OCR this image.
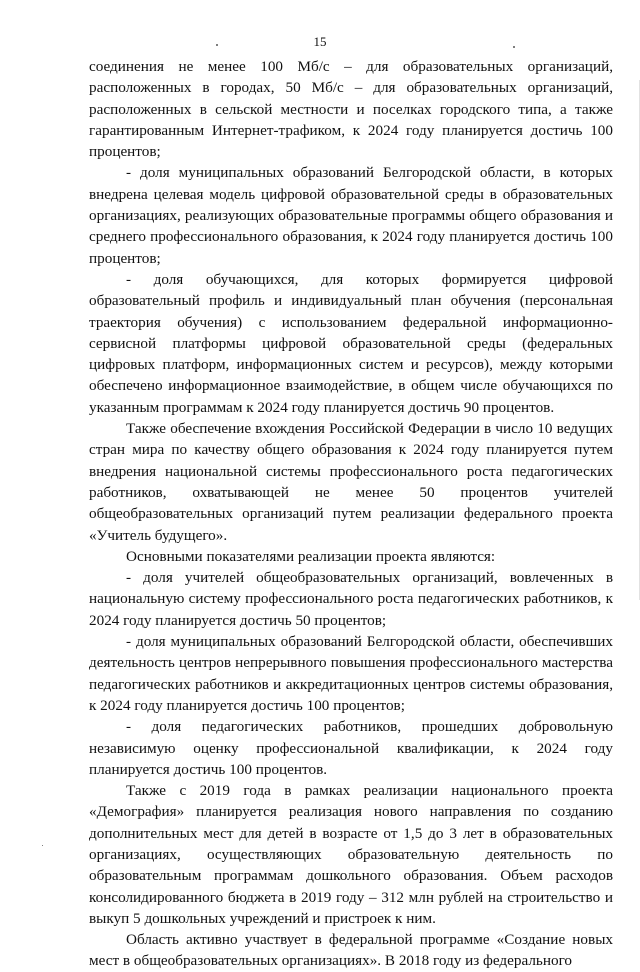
15

соединения не менее 100 Мб/с – для образовательных организаций, расположенных в городах, 50 Мб/с – для образовательных организаций, расположенных в сельской местности и поселках городского типа, а также гарантированным Интернет-трафиком, к 2024 году планируется достичь 100 процентов;

- доля муниципальных образований Белгородской области, в которых внедрена целевая модель цифровой образовательной среды в образовательных организациях, реализующих образовательные программы общего образования и среднего профессионального образования, к 2024 году планируется достичь 100 процентов;

- доля обучающихся, для которых формируется цифровой образовательный профиль и индивидуальный план обучения (персональная траектория обучения) с использованием федеральной информационно-сервисной платформы цифровой образовательной среды (федеральных цифровых платформ, информационных систем и ресурсов), между которыми обеспечено информационное взаимодействие, в общем числе обучающихся по указанным программам к 2024 году планируется достичь 90 процентов.

Также обеспечение вхождения Российской Федерации в число 10 ведущих стран мира по качеству общего образования к 2024 году планируется путем внедрения национальной системы профессионального роста педагогических работников, охватывающей не менее 50 процентов учителей общеобразовательных организаций путем реализации федерального проекта «Учитель будущего».

Основными показателями реализации проекта являются:

- доля учителей общеобразовательных организаций, вовлеченных в национальную систему профессионального роста педагогических работников, к 2024 году планируется достичь 50 процентов;

- доля муниципальных образований Белгородской области, обеспечивших деятельность центров непрерывного повышения профессионального мастерства педагогических работников и аккредитационных центров системы образования, к 2024 году планируется достичь 100 процентов;

- доля педагогических работников, прошедших добровольную независимую оценку профессиональной квалификации, к 2024 году планируется достичь 100 процентов.

Также с 2019 года в рамках реализации национального проекта «Демография» планируется реализация нового направления по созданию дополнительных мест для детей в возрасте от 1,5 до 3 лет в образовательных организациях, осуществляющих образовательную деятельность по образовательным программам дошкольного образования. Объем расходов консолидированного бюджета в 2019 году – 312 млн рублей на строительство и выкуп 5 дошкольных учреждений и пристроек к ним.

Область активно участвует в федеральной программе «Создание новых мест в общеобразовательных организациях». В 2018 году из федерального
